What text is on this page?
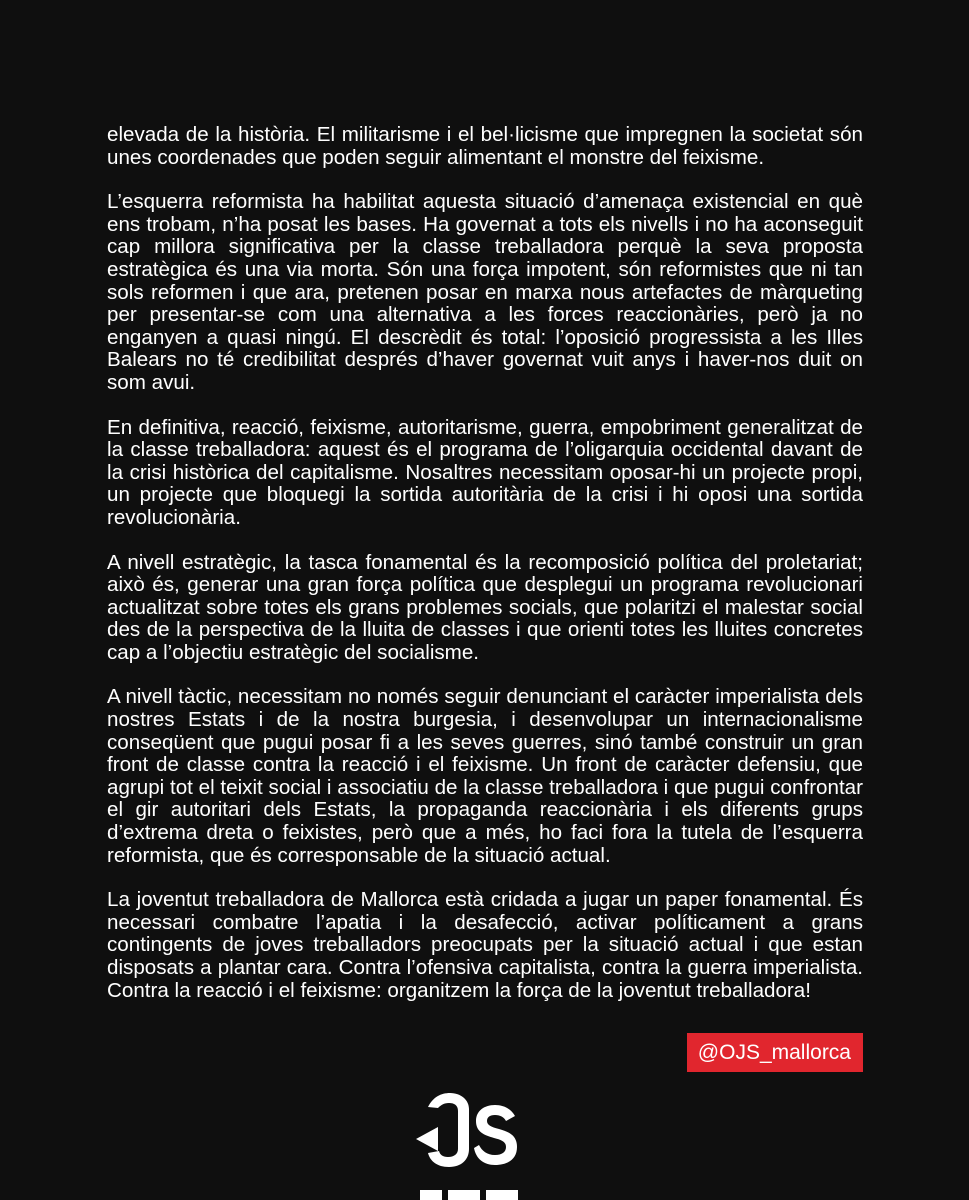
elevada de la història. El militarisme i el bel·licisme que impregnen la societat són unes coordenades que poden seguir alimentant el monstre del feixisme.

L’esquerra reformista ha habilitat aquesta situació d’amenaça existencial en què ens trobam, n’ha posat les bases. Ha governat a tots els nivells i no ha aconseguit cap millora significativa per la classe treballadora perquè la seva proposta estratègica és una via morta. Són una força impotent, són reformistes que ni tan sols reformen i que ara, pretenen posar en marxa nous artefactes de màrqueting per presentar-se com una alternativa a les forces reaccionàries, però ja no enganyen a quasi ningú. El descrèdit és total: l’oposició progressista a les Illes Balears no té credibilitat després d’haver governat vuit anys i haver-nos duit on som avui.

En definitiva, reacció, feixisme, autoritarisme, guerra, empobriment generalitzat de la classe treballadora: aquest és el programa de l’oligarquia occidental davant de la crisi històrica del capitalisme. Nosaltres necessitam oposar-hi un projecte propi, un projecte que bloquegi la sortida autoritària de la crisi i hi oposi una sortida revolucionària.

A nivell estratègic, la tasca fonamental és la recomposició política del proletariat; això és, generar una gran força política que desplegui un programa revolucionari actualitzat sobre totes els grans problemes socials, que polaritzi el malestar social des de la perspectiva de la lluita de classes i que orienti totes les lluites concretes cap a l’objectiu estratègic del socialisme.

A nivell tàctic, necessitam no només seguir denunciant el caràcter imperialista dels nostres Estats i de la nostra burgesia, i desenvolupar un internacionalisme conseqüent que pugui posar fi a les seves guerres, sinó també construir un gran front de classe contra la reacció i el feixisme. Un front de caràcter defensiu, que agrupi tot el teixit social i associatiu de la classe treballadora i que pugui confrontar el gir autoritari dels Estats, la propaganda reaccionària i els diferents grups d’extrema dreta o feixistes, però que a més, ho faci fora la tutela de l’esquerra reformista, que és corresponsable de la situació actual.

La joventut treballadora de Mallorca està cridada a jugar un paper fonamental. És necessari combatre l’apatia i la desafecció, activar políticament a grans contingents de joves treballadors preocupats per la situació actual i que estan disposats a plantar cara. Contra l’ofensiva capitalista, contra la guerra imperialista. Contra la reacció i el feixisme: organitzem la força de la joventut treballadora!

@OJS_mallorca
